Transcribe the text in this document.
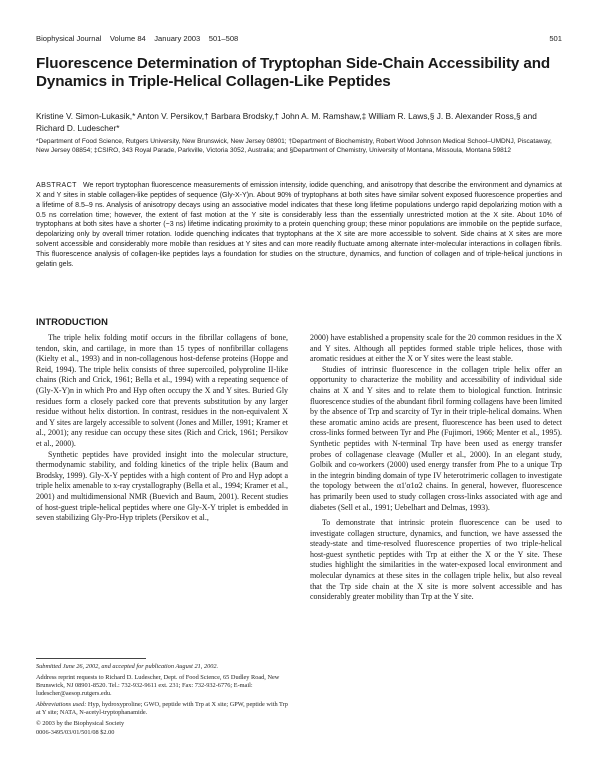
Biophysical Journal Volume 84 January 2003 501–508	501
Fluorescence Determination of Tryptophan Side-Chain Accessibility and Dynamics in Triple-Helical Collagen-Like Peptides
Kristine V. Simon-Lukasik,* Anton V. Persikov,† Barbara Brodsky,† John A. M. Ramshaw,‡ William R. Laws,§ J. B. Alexander Ross,§ and Richard D. Ludescher*
*Department of Food Science, Rutgers University, New Brunswick, New Jersey 08901; †Department of Biochemistry, Robert Wood Johnson Medical School–UMDNJ, Piscataway, New Jersey 08854; ‡CSIRO, 343 Royal Parade, Parkville, Victoria 3052, Australia; and §Department of Chemistry, University of Montana, Missoula, Montana 59812
ABSTRACT We report tryptophan fluorescence measurements of emission intensity, iodide quenching, and anisotropy that describe the environment and dynamics at X and Y sites in stable collagen-like peptides of sequence (Gly-X-Y)n. About 90% of tryptophans at both sites have similar solvent exposed fluorescence properties and a lifetime of 8.5–9 ns. Analysis of anisotropy decays using an associative model indicates that these long lifetime populations undergo rapid depolarizing motion with a 0.5 ns correlation time; however, the extent of fast motion at the Y site is considerably less than the essentially unrestricted motion at the X site. About 10% of tryptophans at both sites have a shorter (~3 ns) lifetime indicating proximity to a protein quenching group; these minor populations are immobile on the peptide surface, depolarizing only by overall trimer rotation. Iodide quenching indicates that tryptophans at the X site are more accessible to solvent. Side chains at X sites are more solvent accessible and considerably more mobile than residues at Y sites and can more readily fluctuate among alternate inter-molecular interactions in collagen fibrils. This fluorescence analysis of collagen-like peptides lays a foundation for studies on the structure, dynamics, and function of collagen and of triple-helical junctions in gelatin gels.
INTRODUCTION

The triple helix folding motif occurs in the fibrillar collagens of bone, tendon, skin, and cartilage, in more than 15 types of nonfibrillar collagens (Kielty et al., 1993) and in non-collagenous host-defense proteins (Hoppe and Reid, 1994). The triple helix consists of three supercoiled, polyproline II-like chains (Rich and Crick, 1961; Bella et al., 1994) with a repeating sequence of (Gly-X-Y)n in which Pro and Hyp often occupy the X and Y sites. Buried Gly residues form a closely packed core that prevents substitution by any larger residue without helix distortion. In contrast, residues in the non-equivalent X and Y sites are largely accessible to solvent (Jones and Miller, 1991; Kramer et al., 2001); any residue can occupy these sites (Rich and Crick, 1961; Persikov et al., 2000).

Synthetic peptides have provided insight into the molecular structure, thermodynamic stability, and folding kinetics of the triple helix (Baum and Brodsky, 1999). Gly-X-Y peptides with a high content of Pro and Hyp adopt a triple helix amenable to x-ray crystallography (Bella et al., 1994; Kramer et al., 2001) and multidimensional NMR (Buevich and Baum, 2001). Recent studies of host-guest triple-helical peptides where one Gly-X-Y triplet is embedded in seven stabilizing Gly-Pro-Hyp triplets (Persikov et al.,

2000) have established a propensity scale for the 20 common residues in the X and Y sites. Although all peptides formed stable triple helices, those with aromatic residues at either the X or Y sites were the least stable.

Studies of intrinsic fluorescence in the collagen triple helix offer an opportunity to characterize the mobility and accessibility of individual side chains at X and Y sites and to relate them to biological function. Intrinsic fluorescence studies of the abundant fibril forming collagens have been limited by the absence of Trp and scarcity of Tyr in their triple-helical domains. When these aromatic amino acids are present, fluorescence has been used to detect cross-links formed between Tyr and Phe (Fujimori, 1966; Menter et al., 1995). Synthetic peptides with N-terminal Trp have been used as energy transfer probes of collagenase cleavage (Muller et al., 2000). In an elegant study, Golbik and co-workers (2000) used energy transfer from Phe to a unique Trp in the integrin binding domain of type IV heterotrimeric collagen to investigate the topology between the α1'α1α2 chains. In general, however, fluorescence has primarily been used to study collagen cross-links associated with age and diabetes (Sell et al., 1991; Uebelhart and Delmas, 1993).

To demonstrate that intrinsic protein fluorescence can be used to investigate collagen structure, dynamics, and function, we have assessed the steady-state and time-resolved fluorescence properties of two triple-helical host-guest synthetic peptides with Trp at either the X or the Y site. These studies highlight the similarities in the water-exposed local environment and molecular dynamics at these sites in the collagen triple helix, but also reveal that the Trp side chain at the X site is more solvent accessible and has considerably greater mobility than Trp at the Y site.

Submitted June 26, 2002, and accepted for publication August 21, 2002.

Address reprint requests to Richard D. Ludescher, Dept. of Food Science, 65 Dudley Road, New Brunswick, NJ 08901-8520. Tel.: 732-932-9611 ext. 231; Fax: 732-932-6776; E-mail: ludescher@aesop.rutgers.edu.

Abbreviations used: Hyp, hydroxyproline; GWO, peptide with Trp at X site; GPW, peptide with Trp at Y site; NATA, N-acetyl-tryptophanamide.

© 2003 by the Biophysical Society

0006-3495/03/01/501/08 $2.00
